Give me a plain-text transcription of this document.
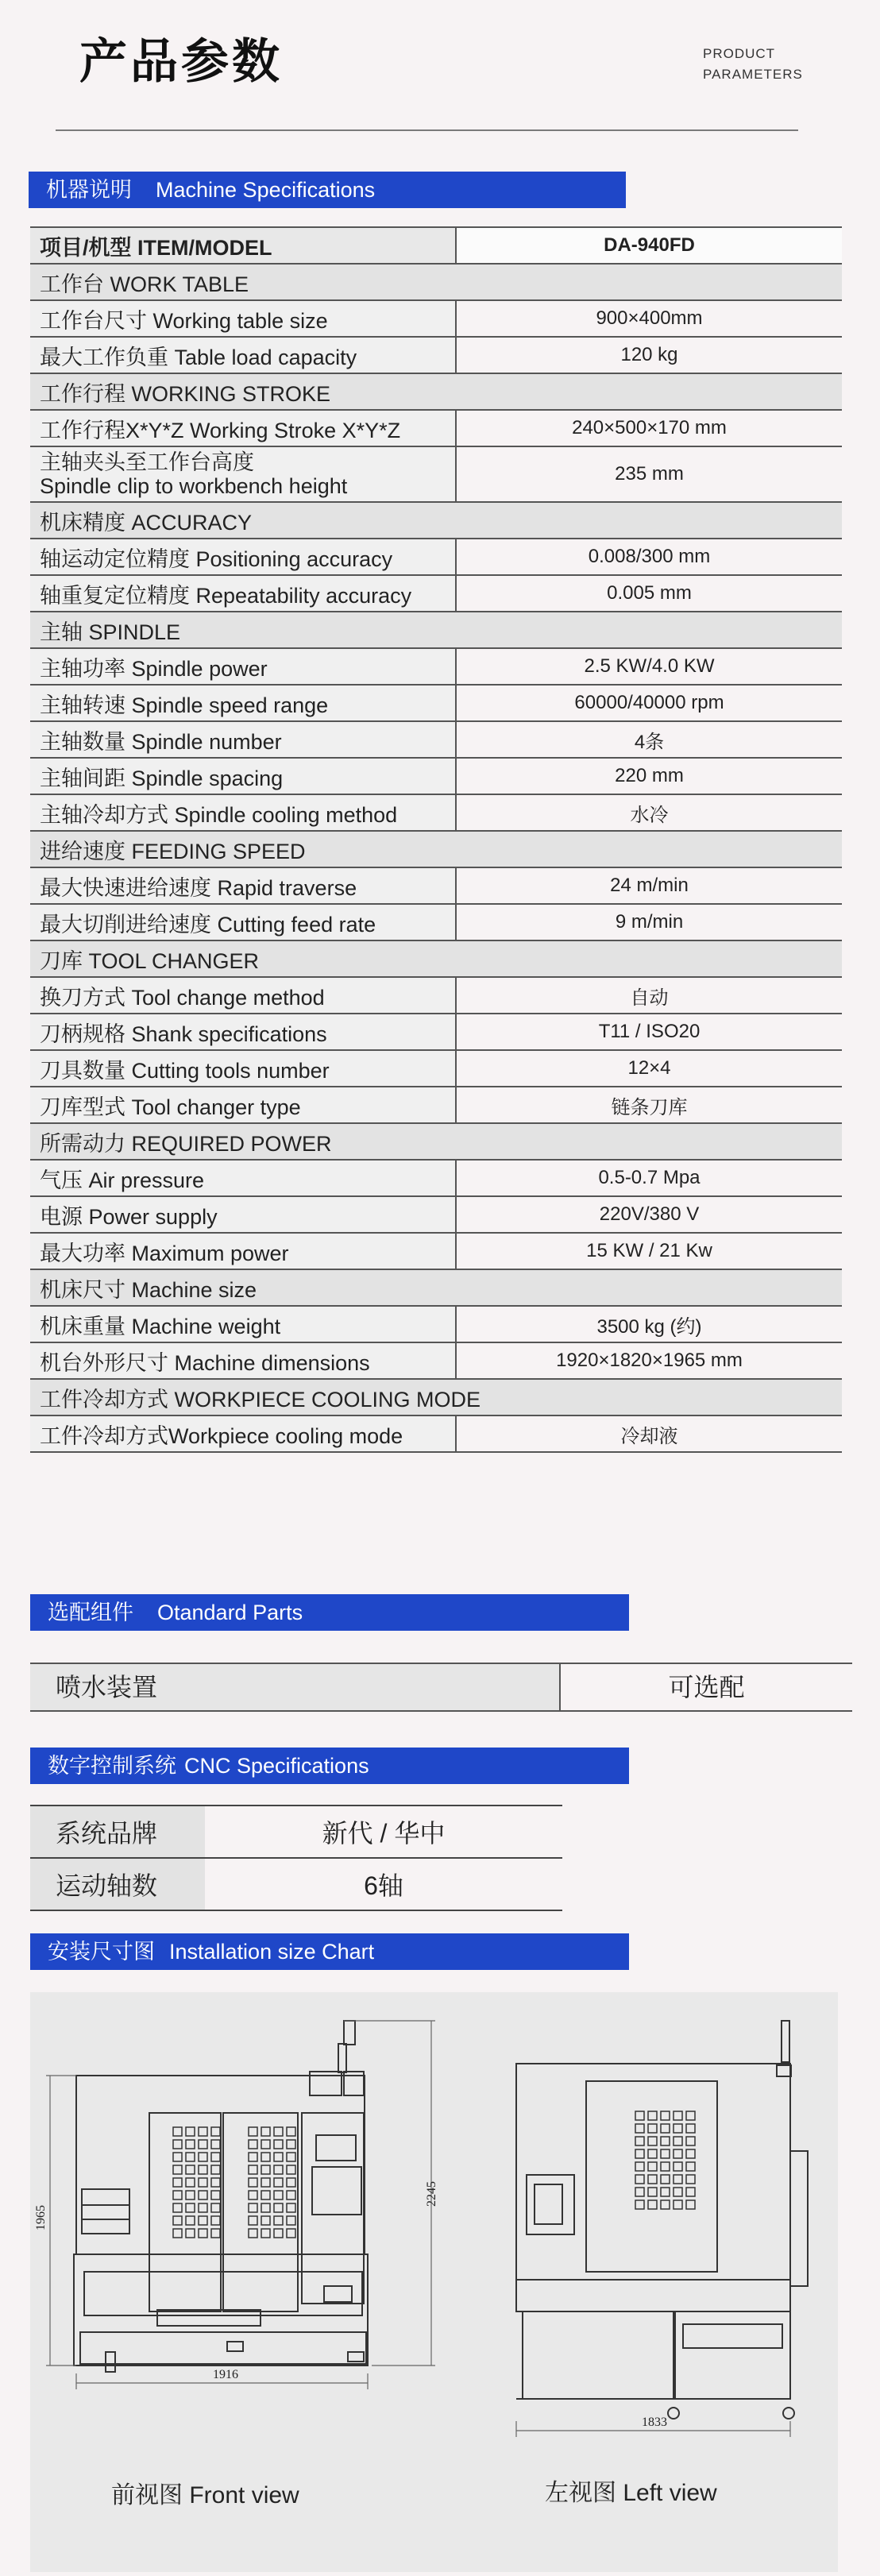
产品参数	PRODUCT
PARAMETERS
机器说明 Machine Specifications
项目/机型 ITEM/MODEL	DA-940FD
工作台 WORK TABLE	
工作台尺寸 Working table size	900×400mm
最大工作负重 Table load capacity	120 kg
工作行程 WORKING STROKE	
工作行程X*Y*Z Working Stroke X*Y*Z	240×500×170 mm
主轴夹头至工作台高度
Spindle clip to workbench height	235 mm
机床精度 ACCURACY	
轴运动定位精度 Positioning accuracy	0.008/300 mm
轴重复定位精度 Repeatability accuracy	0.005 mm
主轴 SPINDLE	
主轴功率 Spindle power	2.5 KW/4.0 KW
主轴转速 Spindle speed range	60000/40000 rpm
主轴数量 Spindle number	4条
主轴间距 Spindle spacing	220 mm
主轴冷却方式 Spindle cooling method	水冷
进给速度 FEEDING SPEED	
最大快速进给速度 Rapid traverse	24 m/min
最大切削进给速度 Cutting feed rate	9 m/min
刀库 TOOL CHANGER	
换刀方式 Tool change method	自动
刀柄规格 Shank specifications	T11 / ISO20
刀具数量 Cutting tools number	12×4
刀库型式 Tool changer type	链条刀库
所需动力 REQUIRED POWER	
气压 Air pressure	0.5-0.7 Mpa
电源 Power supply	220V/380 V
最大功率 Maximum power	15 KW / 21 Kw
机床尺寸 Machine size	
机床重量 Machine weight	3500 kg (约)
机台外形尺寸 Machine dimensions	1920×1820×1965 mm
工件冷却方式 WORKPIECE COOLING MODE	
工件冷却方式Workpiece cooling mode	冷却液
选配组件 Otandard Parts
喷水装置	可选配
数字控制系统 CNC Specifications
系统品牌	新代 / 华中
运动轴数	6轴
安装尺寸图 Installation size Chart
1916
1965
2245
1833
前视图 Front view	左视图 Left view
